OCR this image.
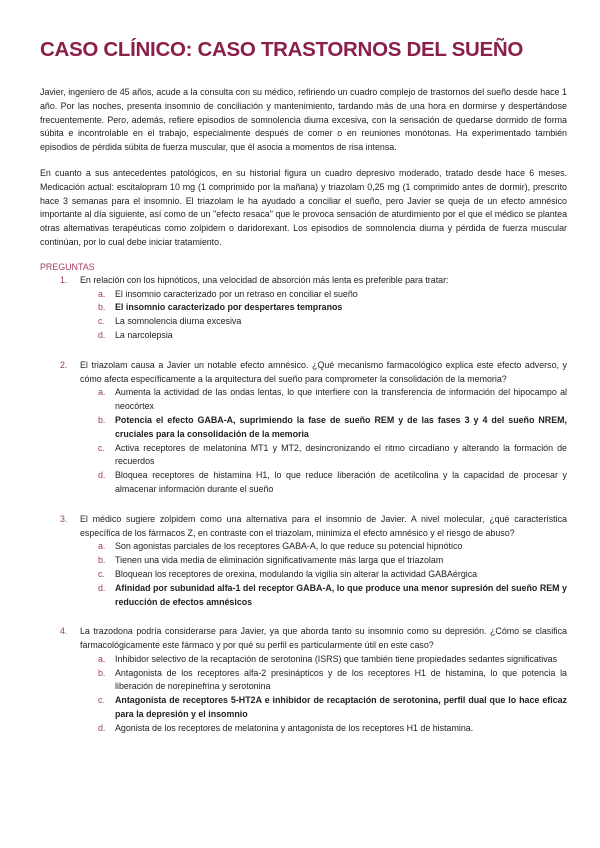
CASO CLÍNICO: CASO TRASTORNOS DEL SUEÑO

Javier, ingeniero de 45 años, acude a la consulta con su médico, refiriendo un cuadro complejo de trastornos del sueño desde hace 1 año. Por las noches, presenta insomnio de conciliación y mantenimiento, tardando más de una hora en dormirse y despertándose frecuentemente. Pero, además, refiere episodios de somnolencia diurna excesiva, con la sensación de quedarse dormido de forma súbita e incontrolable en el trabajo, especialmente después de comer o en reuniones monótonas. Ha experimentado también episodios de pérdida súbita de fuerza muscular, que él asocia a momentos de risa intensa.

En cuanto a sus antecedentes patológicos, en su historial figura un cuadro depresivo moderado, tratado desde hace 6 meses. Medicación actual: escitalopram 10 mg (1 comprimido por la mañana) y triazolam 0,25 mg (1 comprimido antes de dormir), prescrito hace 3 semanas para el insomnio. El triazolam le ha ayudado a conciliar el sueño, pero Javier se queja de un efecto amnésico importante al día siguiente, así como de un "efecto resaca" que le provoca sensación de aturdimiento por el que el médico se plantea otras alternativas terapéuticas como zolpidem o daridorexant. Los episodios de somnolencia diurna y pérdida de fuerza muscular continúan, por lo cual debe iniciar tratamiento.

PREGUNTAS
1. En relación con los hipnóticos, una velocidad de absorción más lenta es preferible para tratar:
a. El insomnio caracterizado por un retraso en conciliar el sueño
b. El insomnio caracterizado por despertares tempranos
c. La somnolencia diurna excesiva
d. La narcolepsia
2. El triazolam causa a Javier un notable efecto amnésico. ¿Qué mecanismo farmacológico explica este efecto adverso, y cómo afecta específicamente a la arquitectura del sueño para comprometer la consolidación de la memoria?
a. Aumenta la actividad de las ondas lentas, lo que interfiere con la transferencia de información del hipocampo al neocórtex
b. Potencia el efecto GABA-A, suprimiendo la fase de sueño REM y de las fases 3 y 4 del sueño NREM, cruciales para la consolidación de la memoria
c. Activa receptores de melatonina MT1 y MT2, desincronizando el ritmo circadiano y alterando la formación de recuerdos
d. Bloquea receptores de histamina H1, lo que reduce liberación de acetilcolina y la capacidad de procesar y almacenar información durante el sueño
3. El médico sugiere zolpidem como una alternativa para el insomnio de Javier. A nivel molecular, ¿qué característica específica de los fármacos Z, en contraste con el triazolam, minimiza el efecto amnésico y el riesgo de abuso?
a. Son agonistas parciales de los receptores GABA-A, lo que reduce su potencial hipnótico
b. Tienen una vida media de eliminación significativamente más larga que el triazolam
c. Bloquean los receptores de orexina, modulando la vigilia sin alterar la actividad GABAérgica
d. Afinidad por subunidad alfa-1 del receptor GABA-A, lo que produce una menor supresión del sueño REM y reducción de efectos amnésicos
4. La trazodona podría considerarse para Javier, ya que aborda tanto su insomnio como su depresión. ¿Cómo se clasifica farmacológicamente este fármaco y por qué su perfil es particularmente útil en este caso?
a. Inhibidor selectivo de la recaptación de serotonina (ISRS) que también tiene propiedades sedantes significativas
b. Antagonista de los receptores alfa-2 presinápticos y de los receptores H1 de histamina, lo que potencia la liberación de norepinefrina y serotonina
c. Antagonista de receptores 5-HT2A e inhibidor de recaptación de serotonina, perfil dual que lo hace eficaz para la depresión y el insomnio
d. Agonista de los receptores de melatonina y antagonista de los receptores H1 de histamina.
